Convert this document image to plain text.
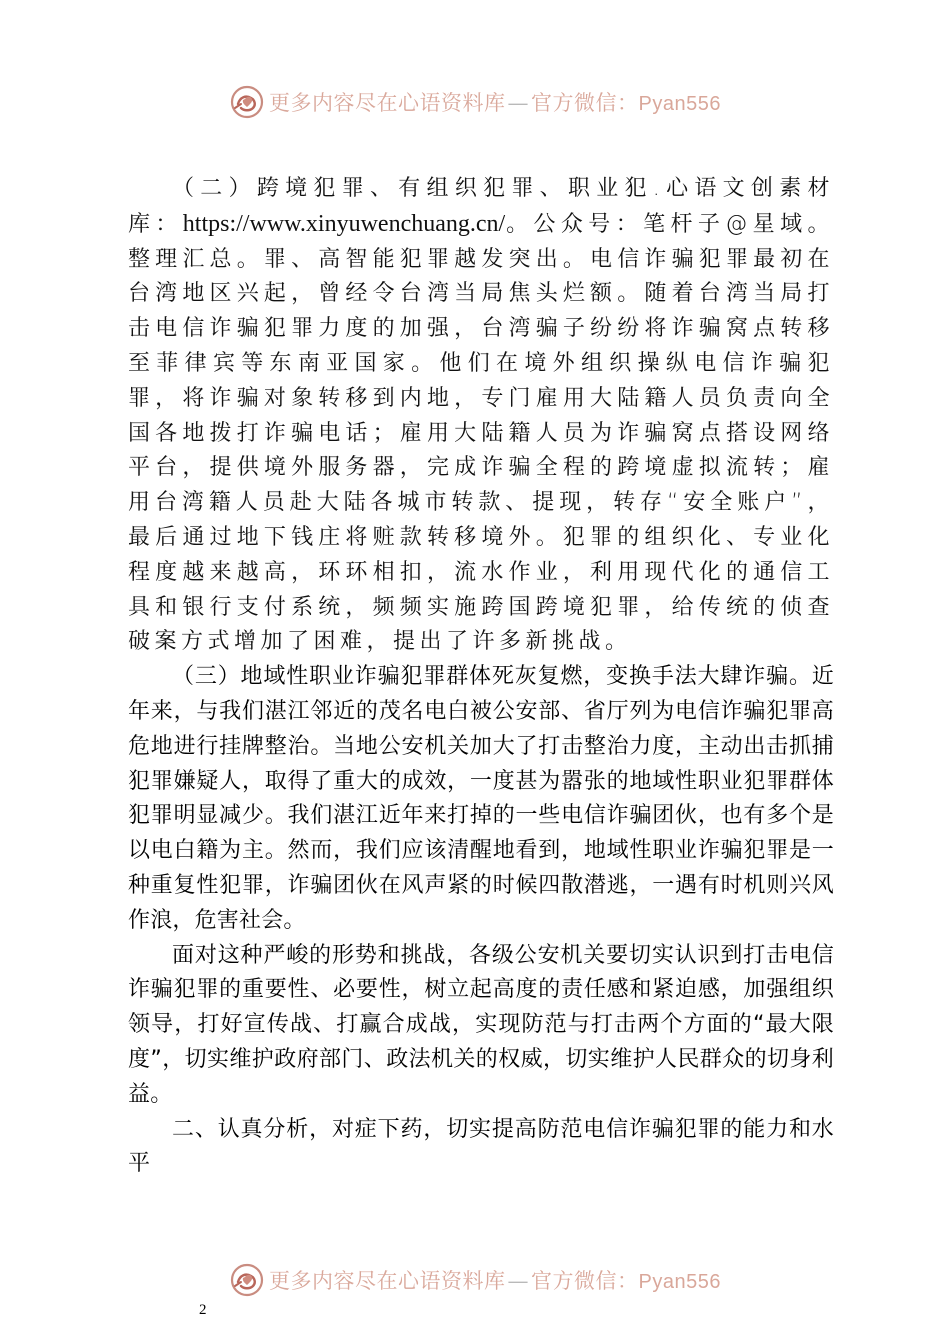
更多内容尽在心语资料库—官方微信：Pyan556

（二）跨境犯罪、有组织犯罪、职业犯.心语文创素材库：https://www.xinyuwenchuang.cn/。公众号：笔杆子@星域。整理汇总。罪、高智能犯罪越发突出。电信诈骗犯罪最初在台湾地区兴起，曾经令台湾当局焦头烂额。随着台湾当局打击电信诈骗犯罪力度的加强，台湾骗子纷纷将诈骗窝点转移至菲律宾等东南亚国家。他们在境外组织操纵电信诈骗犯罪，将诈骗对象转移到内地，专门雇用大陆籍人员负责向全国各地拨打诈骗电话；雇用大陆籍人员为诈骗窝点搭设网络平台，提供境外服务器，完成诈骗全程的跨境虚拟流转；雇用台湾籍人员赴大陆各城市转款、提现，转存“安全账户”，最后通过地下钱庄将赃款转移境外。犯罪的组织化、专业化程度越来越高，环环相扣，流水作业，利用现代化的通信工具和银行支付系统，频频实施跨国跨境犯罪，给传统的侦查破案方式增加了困难，提出了许多新挑战。

（三）地域性职业诈骗犯罪群体死灰复燃，变换手法大肆诈骗。近年来，与我们湛江邻近的茂名电白被公安部、省厅列为电信诈骗犯罪高危地进行挂牌整治。当地公安机关加大了打击整治力度，主动出击抓捕犯罪嫌疑人，取得了重大的成效，一度甚为嚣张的地域性职业犯罪群体犯罪明显减少。我们湛江近年来打掉的一些电信诈骗团伙，也有多个是以电白籍为主。然而，我们应该清醒地看到，地域性职业诈骗犯罪是一种重复性犯罪，诈骗团伙在风声紧的时候四散潜逃，一遇有时机则兴风作浪，危害社会。

面对这种严峻的形势和挑战，各级公安机关要切实认识到打击电信诈骗犯罪的重要性、必要性，树立起高度的责任感和紧迫感，加强组织领导，打好宣传战、打赢合成战，实现防范与打击两个方面的“最大限度”，切实维护政府部门、政法机关的权威，切实维护人民群众的切身利益。

二、认真分析，对症下药，切实提高防范电信诈骗犯罪的能力和水平

更多内容尽在心语资料库—官方微信：Pyan556
2
